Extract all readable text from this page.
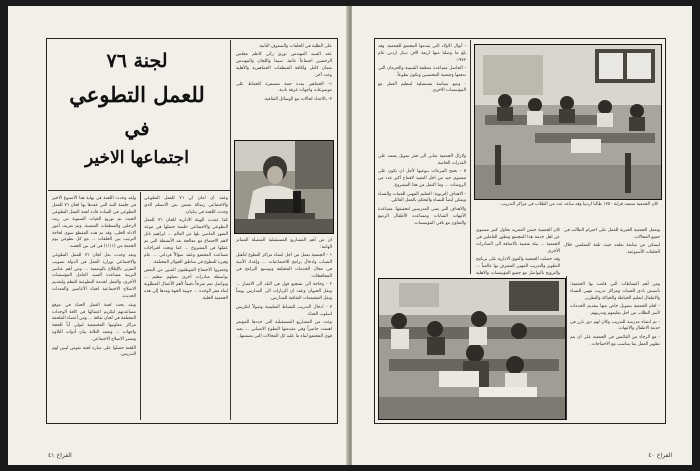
لجنة ٧٦
للعمل التطوعي
في
اجتماعها الاخير

على الطلبة في الحلقات والصفوف الثانية.

عقد السيد المهندس نوري زكي كاظم مجلس الرحسين اجتماعاً عامة، سيما واللجان والمهندس نعمان كامل ولكافة المنظمات الجماهيرية والأهلية وعدد آخر:

١- الجماهير بمدة جمة مستمرة للحفاظ على موضوعات واجهات غرفة نادية.

٢- بالاعداد لحالات مع الوسائل الثقافية.

ولقد وحدت اللجنة في نهاية هذا الاسبوع الاخير في جلسة البنه التي عقدها بها لجان ٧٦ للعمل التطوعي في السادة قادة لجنة العمل التطوعي الحيث تم توزيع الحيات السنوية من زيت الرحلين والمنظمات الشعبية، وتم تعريف أمور الاداء الخلى، وقد تم هذه المقطع سوى لحاجة الترتيب بين الحلقات ... مع كل تطوعي يوم الجمعة من (١/١١) في قي بين الجسد.

ونقد وجدت بعل لجان ٧٦ للعمل التطوعي والاجتماعي بوزارة العمل في الدولة تصويب التقرير بالإطلاع بالوضعية ... ومن أهم عناصر التربية مساعدة السيد العامل المؤسسات الأخرى، والعمل لخدمة التطوعية للنظم ولتقديم الاصلاح الاجتماعية لحياة الأعاصير والمعدات الجديدة.

ونقد بحث لجنة العمل الحياة في موقع مساعدتهم لتكريم اعضائها في كافة الوحدات المختلفة في لجان ثقافة ... ومن أعضاء الملحقة مراكز معاونيها المجتمعية لتولي أياً للحجة واجهات ... وتعمد الثلاثة بيان أدوات التلاوة وتسير الاصلاح الاجتماعي.

اللجنة حصلوا على مبارة لجنة نقوس ليبين لهم التدريس.

وعقد ان امان لي ٧٦ للعمل التطوعي والاجتماعي رسالة تضمن نص الاستلم الذي وحدت اللجنة في بيانيان.

كما عقدت الهيئة الادارية للجان ٧٦ للعمل التطوعي والاجتماعي حلسة حصلها في موعد الشهر الماضي بلها من العالم ... ابراهيم تاتل لاهم الاجتماع مع معالجة بعد الأنشطة التي تم عملها في المشروع ... كما وتحدد اقتراحات مساعدة المجتمع وعقد سؤالاً فرداتي ... عام وفيرة للتطوع في مناطق الجوائز المختلفة.

وحضروا الاجتماع الموظفون المبين من البعض بواسطة مبادرات أخرى تمثلهم تنظيم ... وتواصل نعم شرحاً دقيقاً لأهم الأعمال المطلوبة لبناء مقر الوحدة ... جوبية الجهة ومدها إلى هذه الجمعية الخلية.

ان من أهم المشاريع المستقبلية المتصلة المتناثر الهامة:

١ - الجمعية تعمل من اجل انشاء مراكز التطوع لتأهيل الشباب وادخال برامج للاجتماعيات ... وإعداد الأبنية في مجال الخدمات المختلفة وتوسيع البرامج في المحافظات.

٢ - وحاجة الى تشجيع قول في البلد الى الامتياز ... ونقل الحيوان وعقد ان الزيارات الى المدارس يومياً ونقل المجتمعات الثقافية للمدارس.

٣ - ادخال التدريب للنشاط التعليمية وصولاً لتكريس اسلوب الحياة.

وعدد من المشاريع المستقبلية التي حددها المؤتمر اهتمت حاضراً وفي مقدمتها التطوع الانساني ... يعيد قوى المجتمع لبناء ما عليه كل المجالات التي تضمنتها.

الفراخ ٤١
كان الجمعية ستمتد قرابة ١٧٥٠ طالبا اردنيا وقد ساعد عدد من الطلاب في مراكز التدريب.

- أنوال الاولاد التي يقدمها المجتمع للجمعية، وقد بلغ ما وصلنا منها اربعة الاف دينار اردني عام ١٩٧٢.

- الحاصل مساعدة منظمة الشبيبة والحرمان التي تدفعها وجمعية المحسنين وتكون تطوعاً.

- وضع سياسة مستقبلية لتنظيم العمل مع المؤسسات الاخرى.

ولازال الجمعية تعاني الى فقر تمويل يعتمد على القدرات الخاصة.

٥ - يحتج التبرعات بنوعيها لأجل ان تكون على مستوى جيد من اجل التنفيذ لافتتاح أكبر عدد من الروضات ... وما اكتمل من هذا المشروع.

- الاهداف التربوية: التعليم المهني للفتيات والنساء ويمكن أيضاً للنساء والتحكم بالعمل العائلي.

والاهداف التي يعنى المدرسين لتحقيقها: مساعدة الأمهات الشابات ومساعدة الأطفال الرضع والتعاون مع باقي المؤسسات.

وتعمل الجمعية الخيرية للعمل على احترام الطالب في جميع المجالات.

ليتمكن من متابعة تعلمه حيث تلفة المعلمين خلال الحلقات الأسبوعية.

كان الجمعية حسن العمريه تحاول كثير مستوى عن اهل خدمة هذا المجتمع وتطور العاملين في الجمعية ... بيئة شعبية بالاضافة الى المبادرات الأخرى.

وقد حصلت الجمعية والقوى الادارية على برنامج التطوير والتدريب المهني المعترف بها عالمياً ... والترويح بالتواصل مع جميع المؤسسات والاهلية

ومن أهم النشاطات التي قامت بها الجمعية: تأسيس نادي للفتيات ومراكز تدريب مهني للنساء والاطفال لتعليم الخياطة والحياكة والتطريز.

- اقام الجمعية بتمويل خاص منها بتقديم الخدمات لأسر الطلاب من اجل تعليمهم وتدريبهم.

- تم انشاء مدرسة للتدريب وكان لهم دور بارز في خدمة الاطفال والامهات.

- مع الرجاء من القائمين في الجمعية على ان يتم تطوير العمل بما يتناسب مع الاحتياجات.

الفراخ ٤٠
